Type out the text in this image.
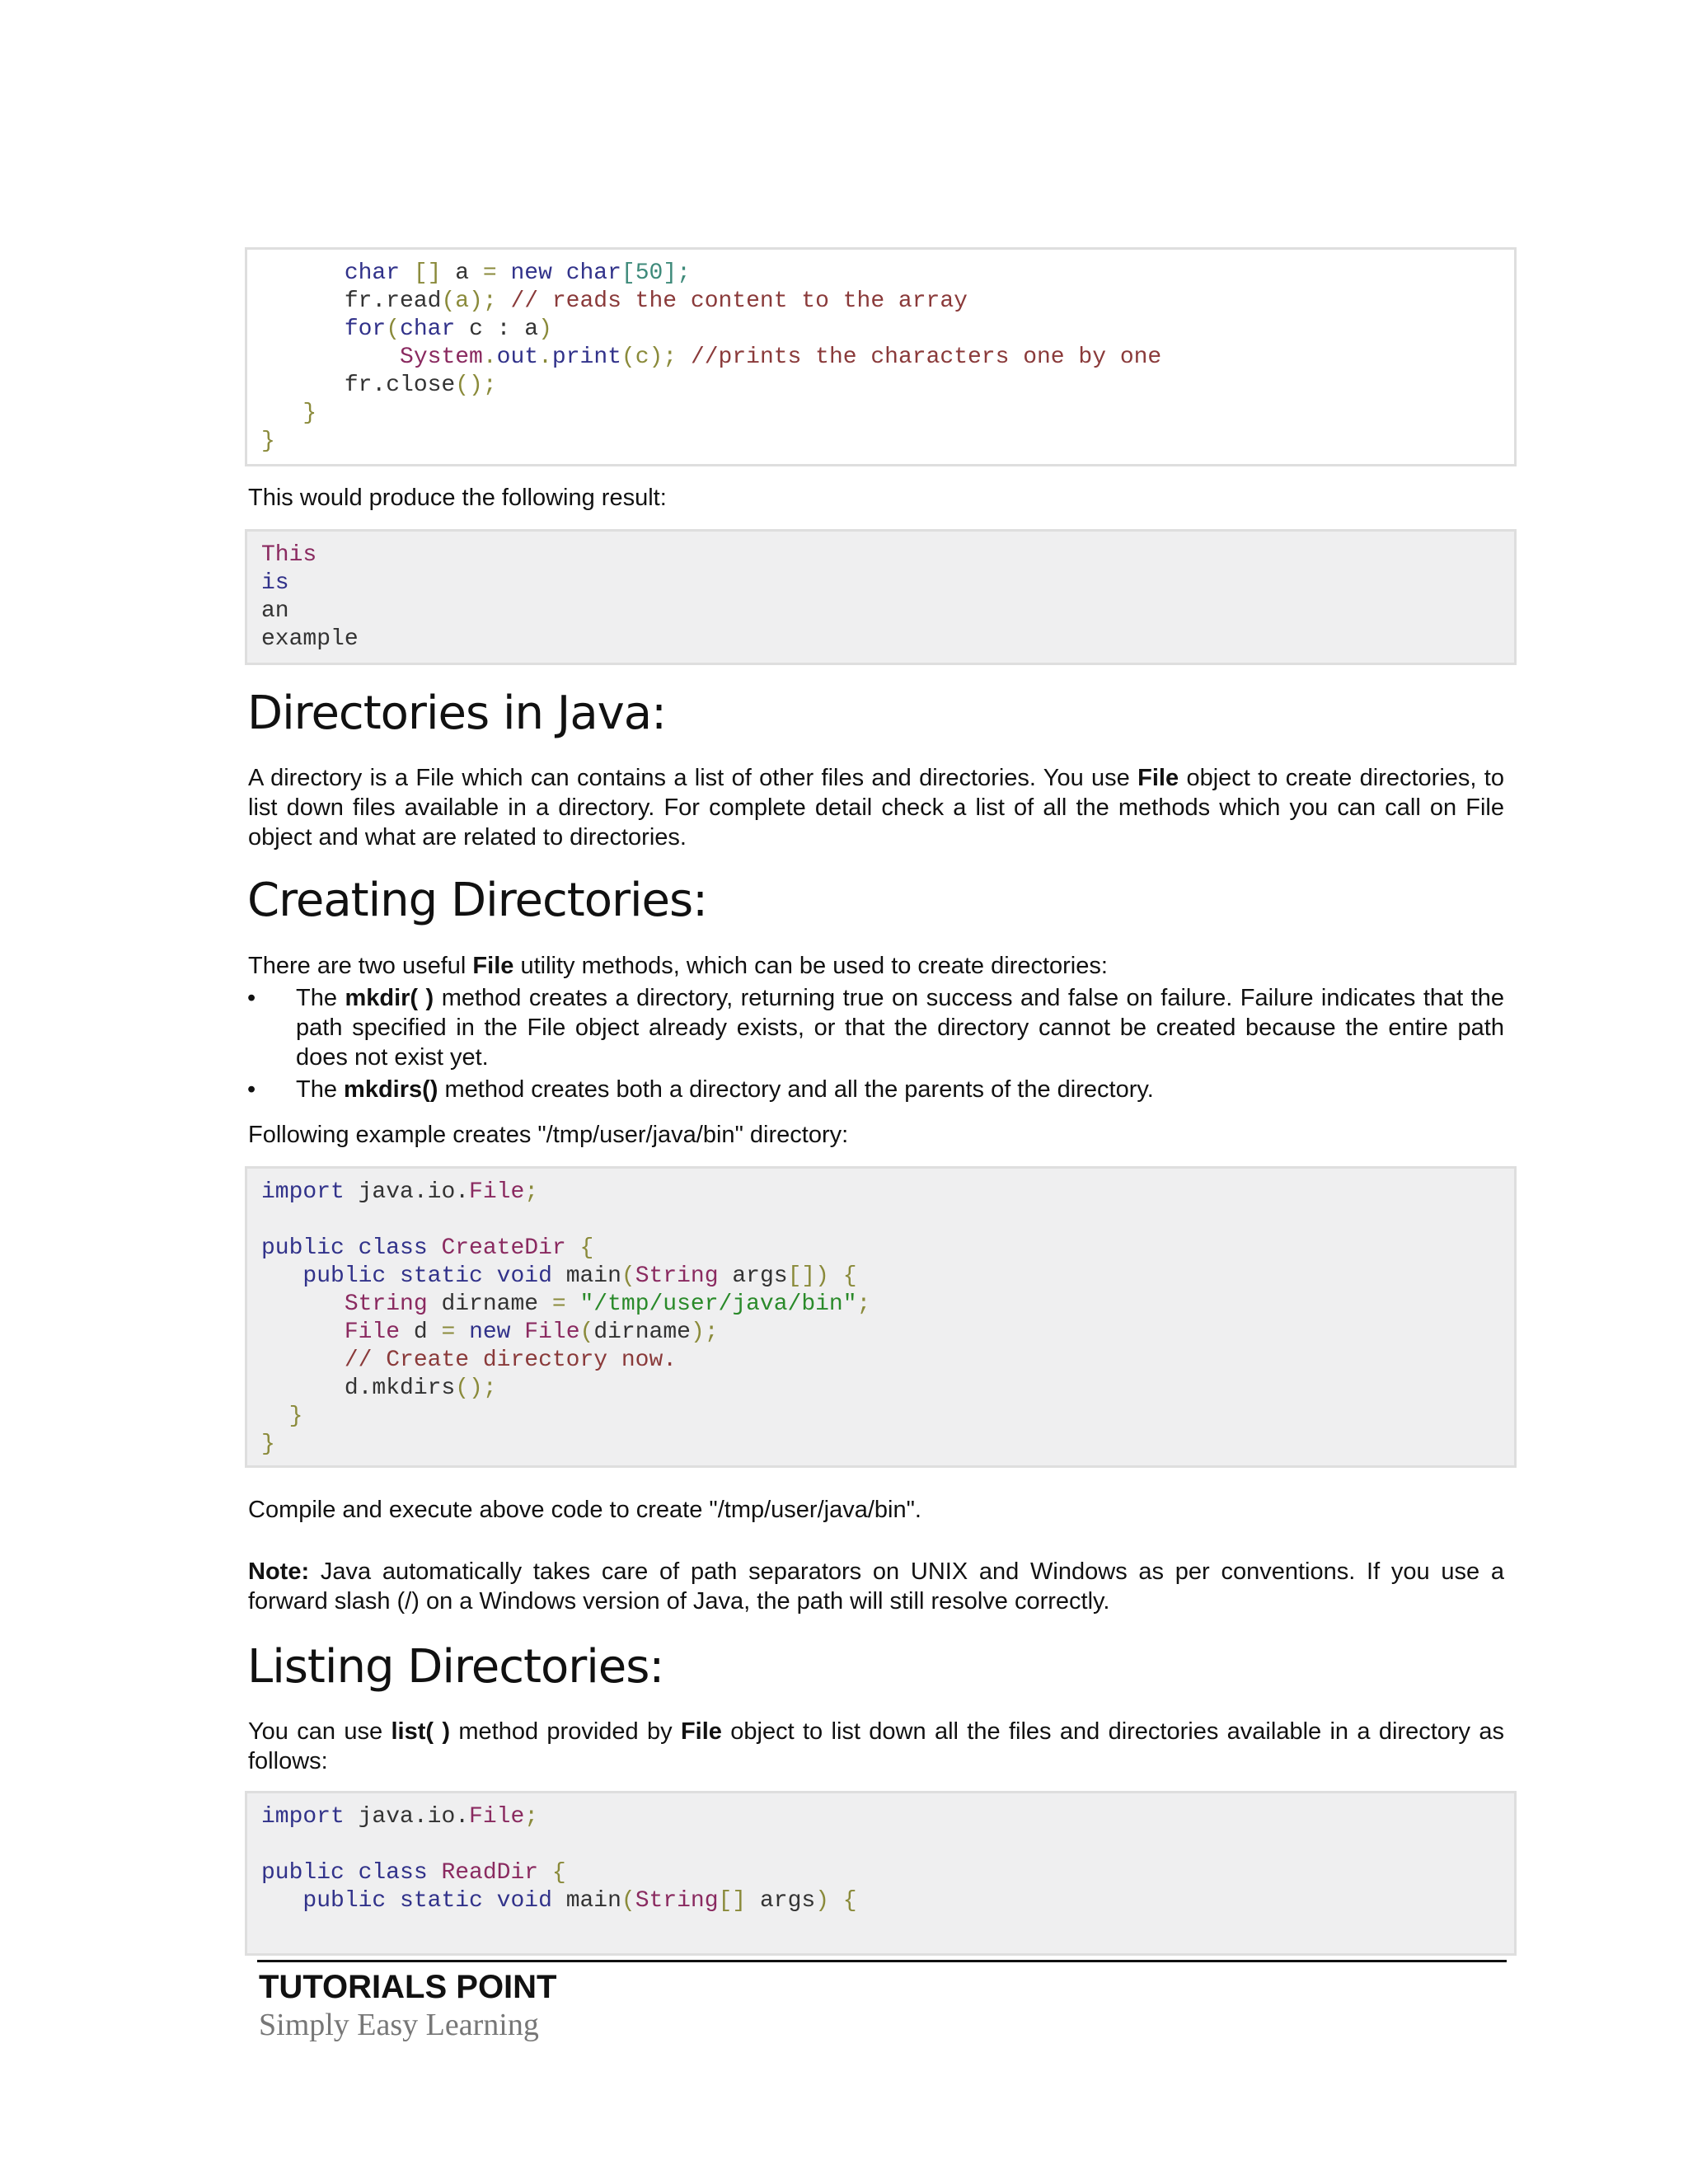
char [] a = new char[50];
fr.read(a); // reads the content to the array
for(char c : a)
System.out.print(c); //prints the characters one by one
fr.close();
}
}
This would produce the following result:
This
is
an
example
Directories in Java:
A directory is a File which can contains a list of other files and directories. You use File object to create directories, to list down files available in a directory. For complete detail check a list of all the methods which you can call on File object and what are related to directories.
Creating Directories:
There are two useful File utility methods, which can be used to create directories:
• The mkdir( ) method creates a directory, returning true on success and false on failure. Failure indicates that the path specified in the File object already exists, or that the directory cannot be created because the entire path does not exist yet.
• The mkdirs() method creates both a directory and all the parents of the directory.
Following example creates "/tmp/user/java/bin" directory:
import java.io.File;
public class CreateDir {
public static void main(String args[]) {
String dirname = "/tmp/user/java/bin";
File d = new File(dirname);
// Create directory now.
d.mkdirs();
}
}
Compile and execute above code to create "/tmp/user/java/bin".
Note: Java automatically takes care of path separators on UNIX and Windows as per conventions. If you use a forward slash (/) on a Windows version of Java, the path will still resolve correctly.
Listing Directories:
You can use list( ) method provided by File object to list down all the files and directories available in a directory as follows:
import java.io.File;
public class ReadDir {
public static void main(String[] args) {
TUTORIALS POINT
Simply Easy Learning
